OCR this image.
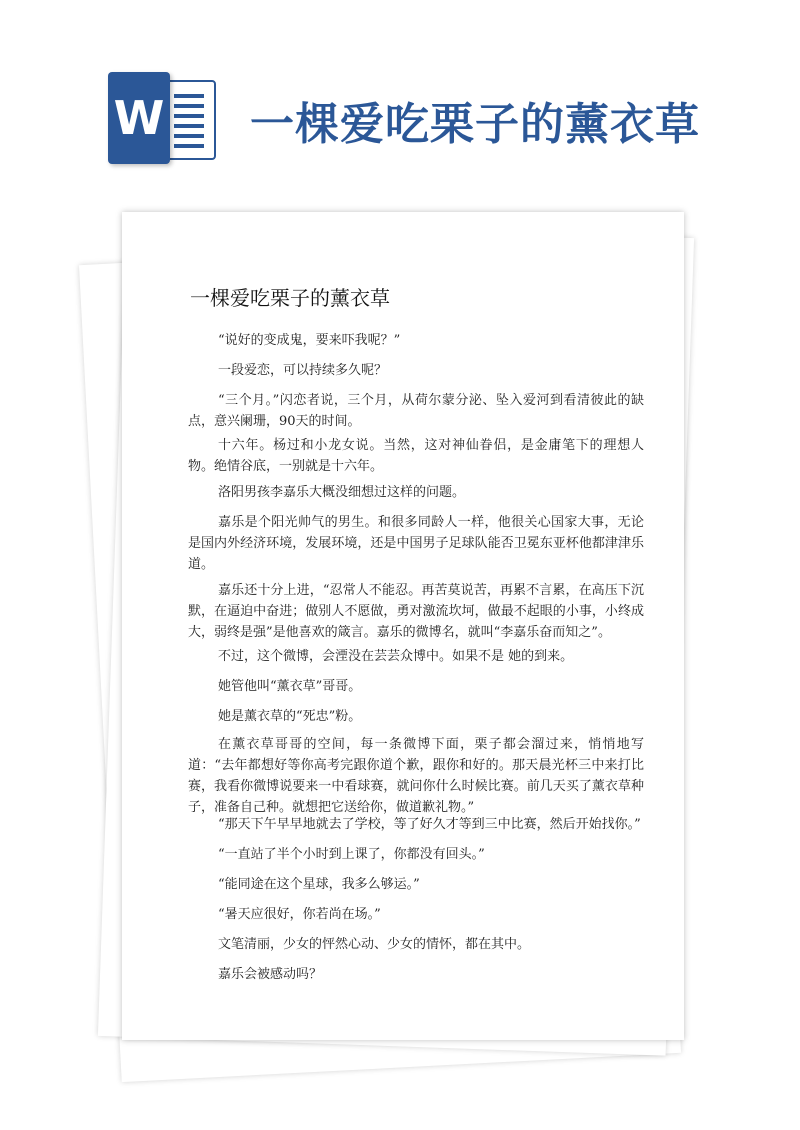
W 一棵爱吃栗子的薰衣草
一棵爱吃栗子的薰衣草

“说好的变成鬼，要来吓我呢？”

一段爱恋，可以持续多久呢？

“三个月。”闪恋者说，三个月，从荷尔蒙分泌、坠入爱河到看清彼此的缺点，意兴阑珊，90天的时间。

十六年。杨过和小龙女说。当然，这对神仙眷侣，是金庸笔下的理想人物。绝情谷底，一别就是十六年。

洛阳男孩李嘉乐大概没细想过这样的问题。

嘉乐是个阳光帅气的男生。和很多同龄人一样，他很关心国家大事，无论是国内外经济环境，发展环境，还是中国男子足球队能否卫冕东亚杯他都津津乐道。

嘉乐还十分上进，“忍常人不能忍。再苦莫说苦，再累不言累，在高压下沉默，在逼迫中奋进；做别人不愿做，勇对激流坎坷，做最不起眼的小事，小终成大，弱终是强”是他喜欢的箴言。嘉乐的微博名，就叫“李嘉乐奋而知之”。

不过，这个微博，会湮没在芸芸众博中。如果不是 她的到来。

她管他叫“薰衣草”哥哥。

她是薰衣草的“死忠”粉。

在薰衣草哥哥的空间，每一条微博下面，栗子都会溜过来，悄悄地写道：“去年都想好等你高考完跟你道个歉，跟你和好的。那天晨光杯三中来打比赛，我看你微博说要来一中看球赛，就问你什么时候比赛。前几天买了薰衣草种子，准备自己种。就想把它送给你，做道歉礼物。”

“那天下午早早地就去了学校，等了好久才等到三中比赛，然后开始找你。”

“一直站了半个小时到上课了，你都没有回头。”

“能同途在这个星球，我多么够运。”

“暑天应很好，你若尚在场。”

文笔清丽，少女的怦然心动、少女的情怀，都在其中。

嘉乐会被感动吗？
